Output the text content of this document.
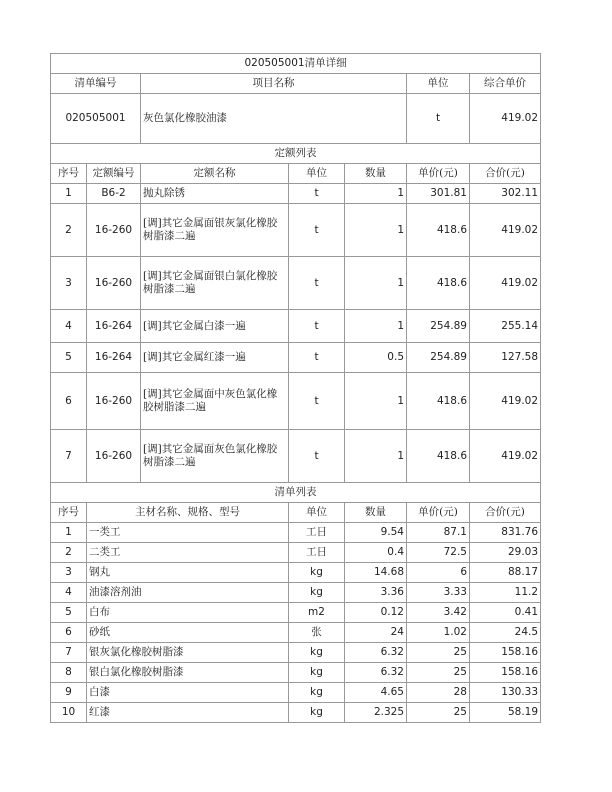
020505001清单详细						
清单编号		项目名称			单位	综合单价
020505001		灰色氯化橡胶油漆			t	419.02
定额列表						
序号	定额编号	定额名称	单位	数量	单价(元)	合价(元)
1	B6-2	抛丸除锈	t	1	301.81	302.11
2	16-260	[调]其它金属面银灰氯化橡胶树脂漆二遍	t	1	418.6	419.02
3	16-260	[调]其它金属面银白氯化橡胶树脂漆二遍	t	1	418.6	419.02
4	16-264	[调]其它金属白漆一遍	t	1	254.89	255.14
5	16-264	[调]其它金属红漆一遍	t	0.5	254.89	127.58
6	16-260	[调]其它金属面中灰色氯化橡胶树脂漆二遍	t	1	418.6	419.02
7	16-260	[调]其它金属面灰色氯化橡胶树脂漆二遍	t	1	418.6	419.02
清单列表						
序号	主材名称、规格、型号		单位	数量	单价(元)	合价(元)
1	一类工		工日	9.54	87.1	831.76
2	二类工		工日	0.4	72.5	29.03
3	钢丸		kg	14.68	6	88.17
4	油漆溶剂油		kg	3.36	3.33	11.2
5	白布		m2	0.12	3.42	0.41
6	砂纸		张	24	1.02	24.5
7	银灰氯化橡胶树脂漆		kg	6.32	25	158.16
8	银白氯化橡胶树脂漆		kg	6.32	25	158.16
9	白漆		kg	4.65	28	130.33
10	红漆		kg	2.325	25	58.19
